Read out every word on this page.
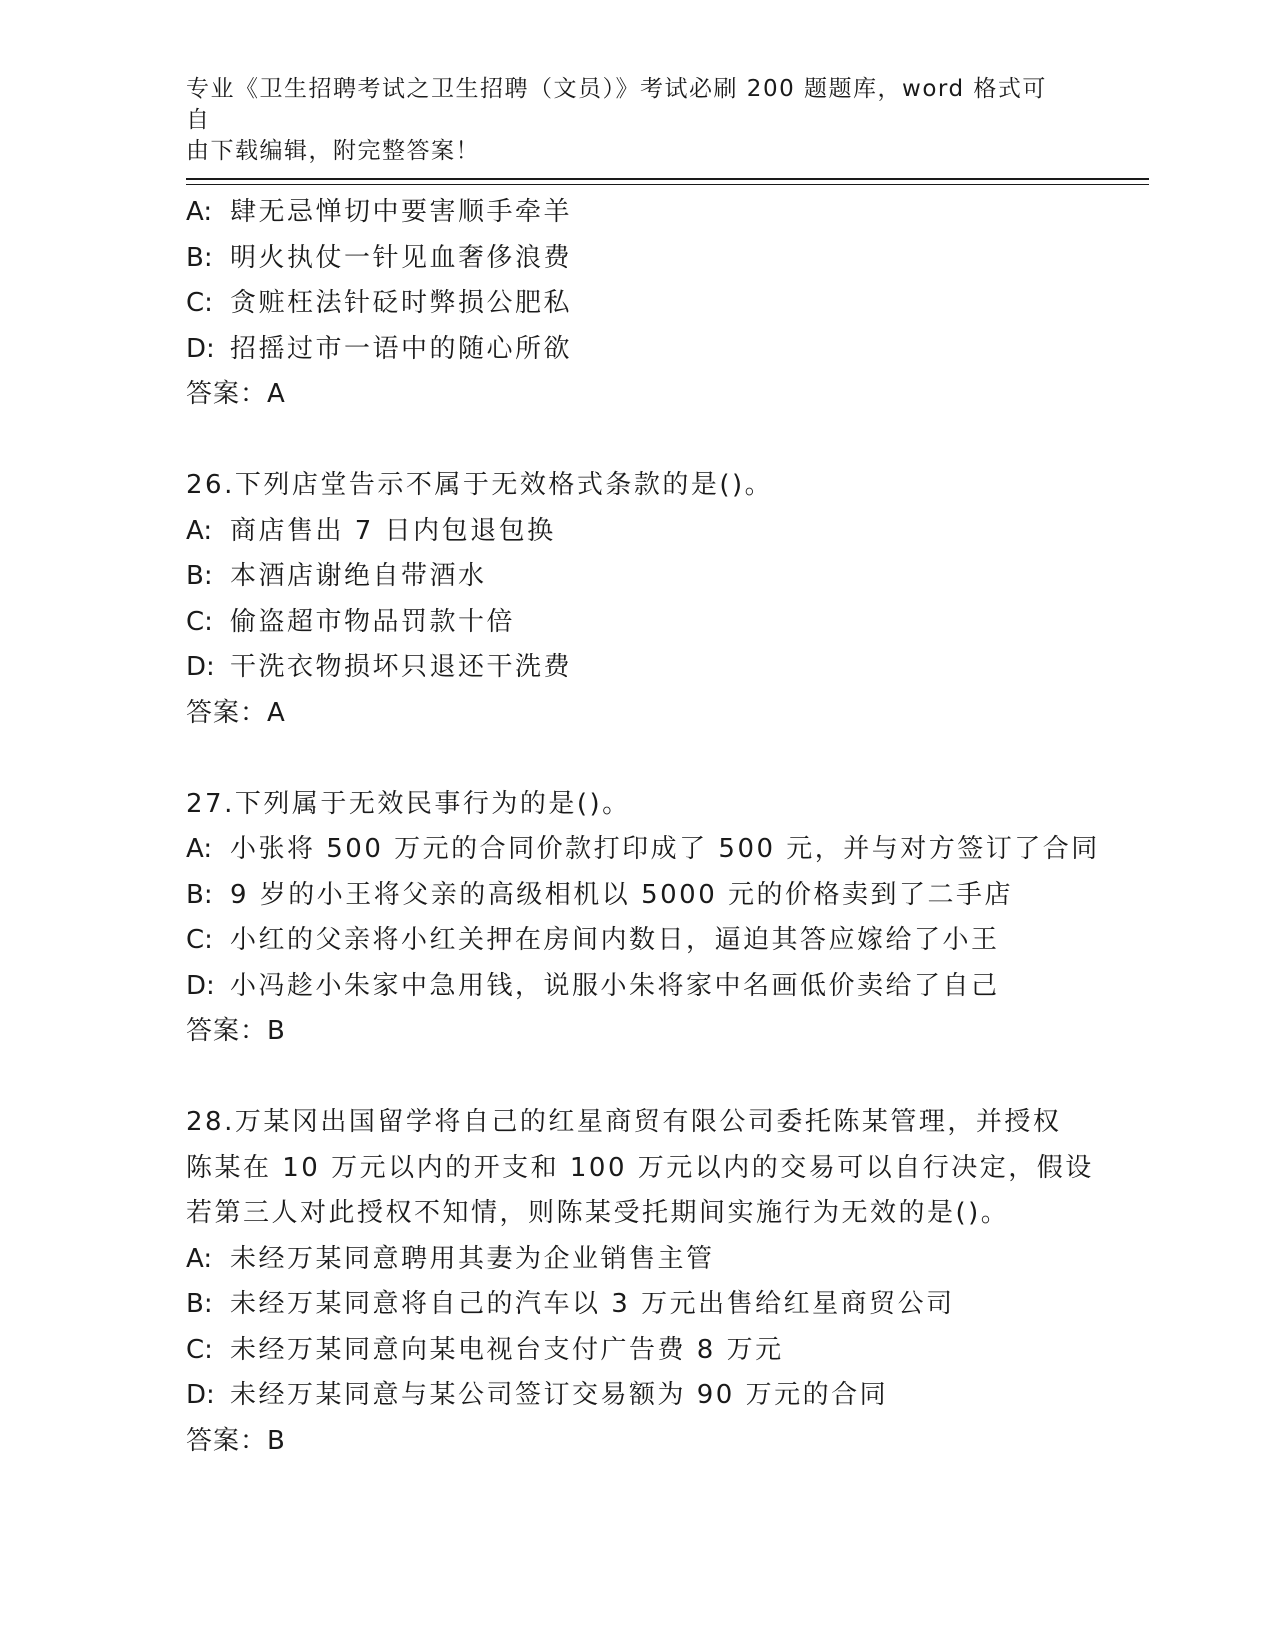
专业《卫生招聘考试之卫生招聘（文员）》考试必刷 200 题题库，word 格式可自
由下载编辑，附完整答案！
A: 肆无忌惮切中要害顺手牵羊
B: 明火执仗一针见血奢侈浪费
C: 贪赃枉法针砭时弊损公肥私
D: 招摇过市一语中的随心所欲
答案：A
26.下列店堂告示不属于无效格式条款的是()。
A: 商店售出 7 日内包退包换
B: 本酒店谢绝自带酒水
C: 偷盗超市物品罚款十倍
D: 干洗衣物损坏只退还干洗费
答案：A
27.下列属于无效民事行为的是()。
A: 小张将 500 万元的合同价款打印成了 500 元，并与对方签订了合同
B: 9 岁的小王将父亲的高级相机以 5000 元的价格卖到了二手店
C: 小红的父亲将小红关押在房间内数日，逼迫其答应嫁给了小王
D: 小冯趁小朱家中急用钱，说服小朱将家中名画低价卖给了自己
答案：B
28.万某冈出国留学将自己的红星商贸有限公司委托陈某管理，并授权
陈某在 10 万元以内的开支和 100 万元以内的交易可以自行决定，假设
若第三人对此授权不知情，则陈某受托期间实施行为无效的是()。
A: 未经万某同意聘用其妻为企业销售主管
B: 未经万某同意将自己的汽车以 3 万元出售给红星商贸公司
C: 未经万某同意向某电视台支付广告费 8 万元
D: 未经万某同意与某公司签订交易额为 90 万元的合同
答案：B
